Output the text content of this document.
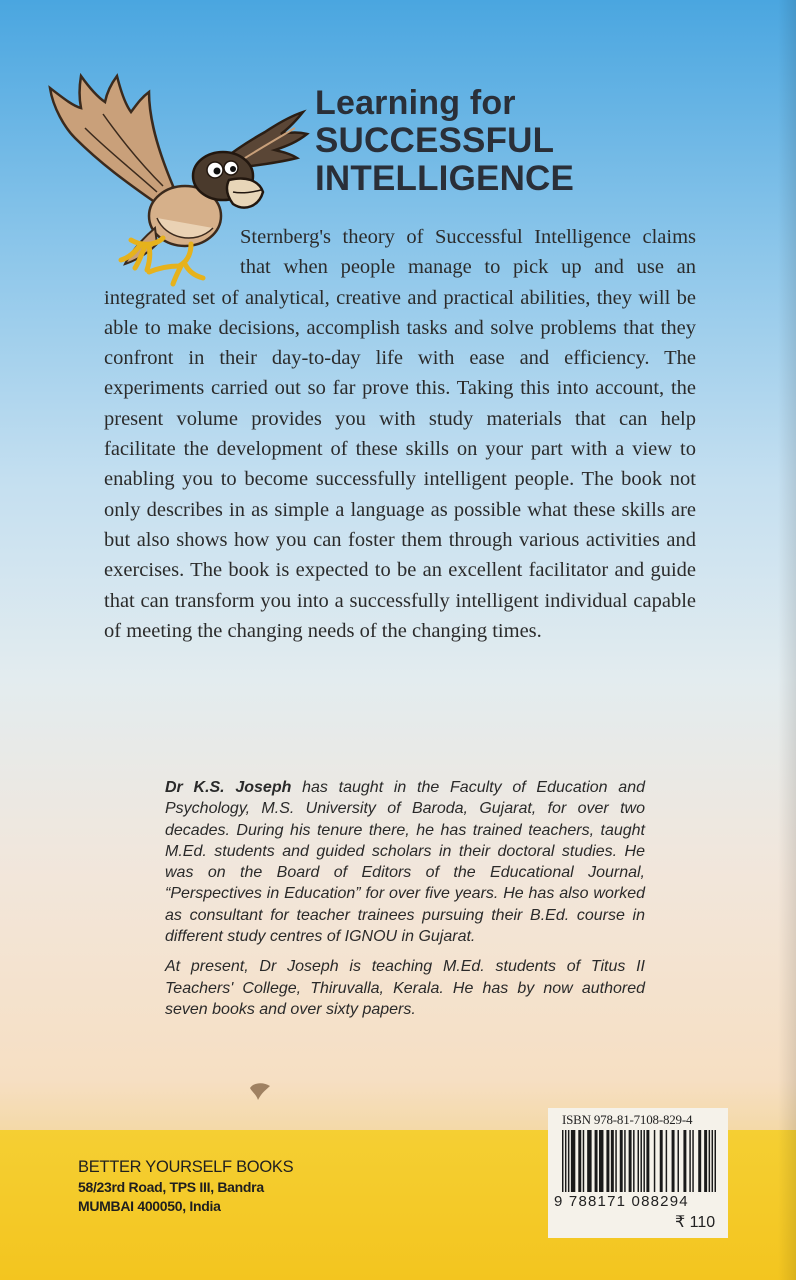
Learning for
SUCCESSFUL
INTELLIGENCE
Sternberg's theory of Successful Intelligence claims that when people manage to pick up and use an integrated set of analytical, creative and practical abilities, they will be able to make decisions, accomplish tasks and solve problems that they confront in their day-to-day life with ease and efficiency. The experiments carried out so far prove this. Taking this into account, the present volume provides you with study materials that can help facilitate the development of these skills on your part with a view to enabling you to become successfully intelligent people. The book not only describes in as simple a language as possible what these skills are but also shows how you can foster them through various activities and exercises. The book is expected to be an excellent facilitator and guide that can transform you into a successfully intelligent individual capable of meeting the changing needs of the changing times.

Dr K.S. Joseph has taught in the Faculty of Education and Psychology, M.S. University of Baroda, Gujarat, for over two decades. During his tenure there, he has trained teachers, taught M.Ed. students and guided scholars in their doctoral studies. He was on the Board of Editors of the Educational Journal, “Perspectives in Education” for over five years. He has also worked as consultant for teacher trainees pursuing their B.Ed. course in different study centres of IGNOU in Gujarat.

At present, Dr Joseph is teaching M.Ed. students of Titus II Teachers' College, Thiruvalla, Kerala. He has by now authored seven books and over sixty papers.

BETTER YOURSELF BOOKS
58/23rd Road, TPS III, Bandra
MUMBAI 400050, India
ISBN 978-81-7108-829-4
9 788171 088294
₹ 110
